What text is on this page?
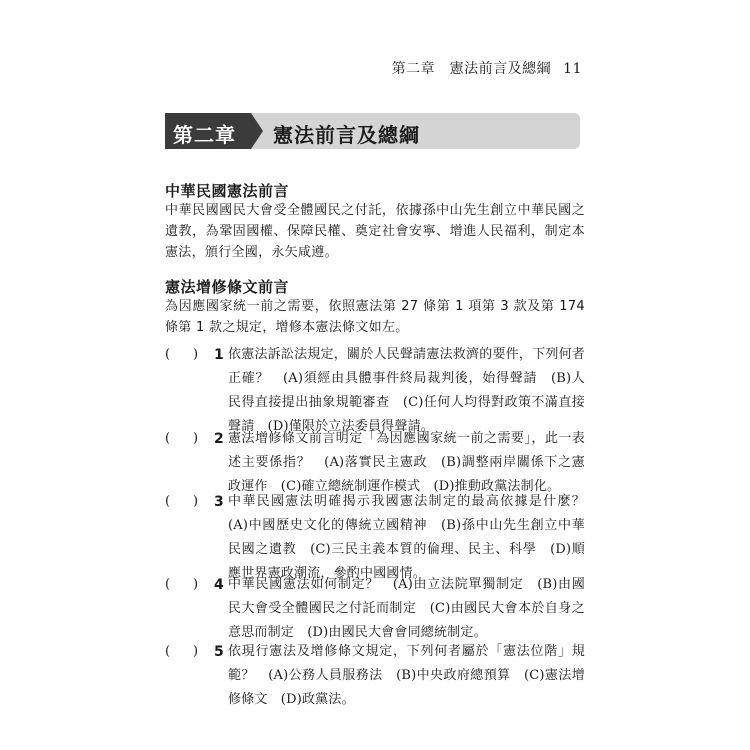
第二章　憲法前言及總綱 11
第二章 憲法前言及總綱
中華民國憲法前言
中華民國國民大會受全體國民之付託，依據孫中山先生創立中華民國之遺教，為鞏固國權、保障民權、奠定社會安寧、增進人民福利，制定本憲法，頒行全國，永矢咸遵。
憲法增修條文前言
為因應國家統一前之需要，依照憲法第 27 條第 1 項第 3 款及第 174 條第 1 款之規定，增修本憲法條文如左。
( ) 1 依憲法訴訟法規定，關於人民聲請憲法救濟的要件，下列何者正確？　(A)須經由具體事件終局裁判後，始得聲請　(B)人民得直接提出抽象規範審查　(C)任何人均得對政策不滿直接聲請　(D)僅限於立法委員得聲請。
( ) 2 憲法增修條文前言明定「為因應國家統一前之需要」，此一表述主要係指？　(A)落實民主憲政　(B)調整兩岸關係下之憲政運作　(C)確立總統制運作模式　(D)推動政黨法制化。
( ) 3 中華民國憲法明確揭示我國憲法制定的最高依據是什麼？　(A)中國歷史文化的傳統立國精神　(B)孫中山先生創立中華民國之遺教　(C)三民主義本質的倫理、民主、科學　(D)順應世界憲政潮流，參酌中國國情。
( ) 4 中華民國憲法如何制定？　(A)由立法院單獨制定　(B)由國民大會受全體國民之付託而制定　(C)由國民大會本於自身之意思而制定　(D)由國民大會會同總統制定。
( ) 5 依現行憲法及增修條文規定，下列何者屬於「憲法位階」規範？　(A)公務人員服務法　(B)中央政府總預算　(C)憲法增修條文　(D)政黨法。
